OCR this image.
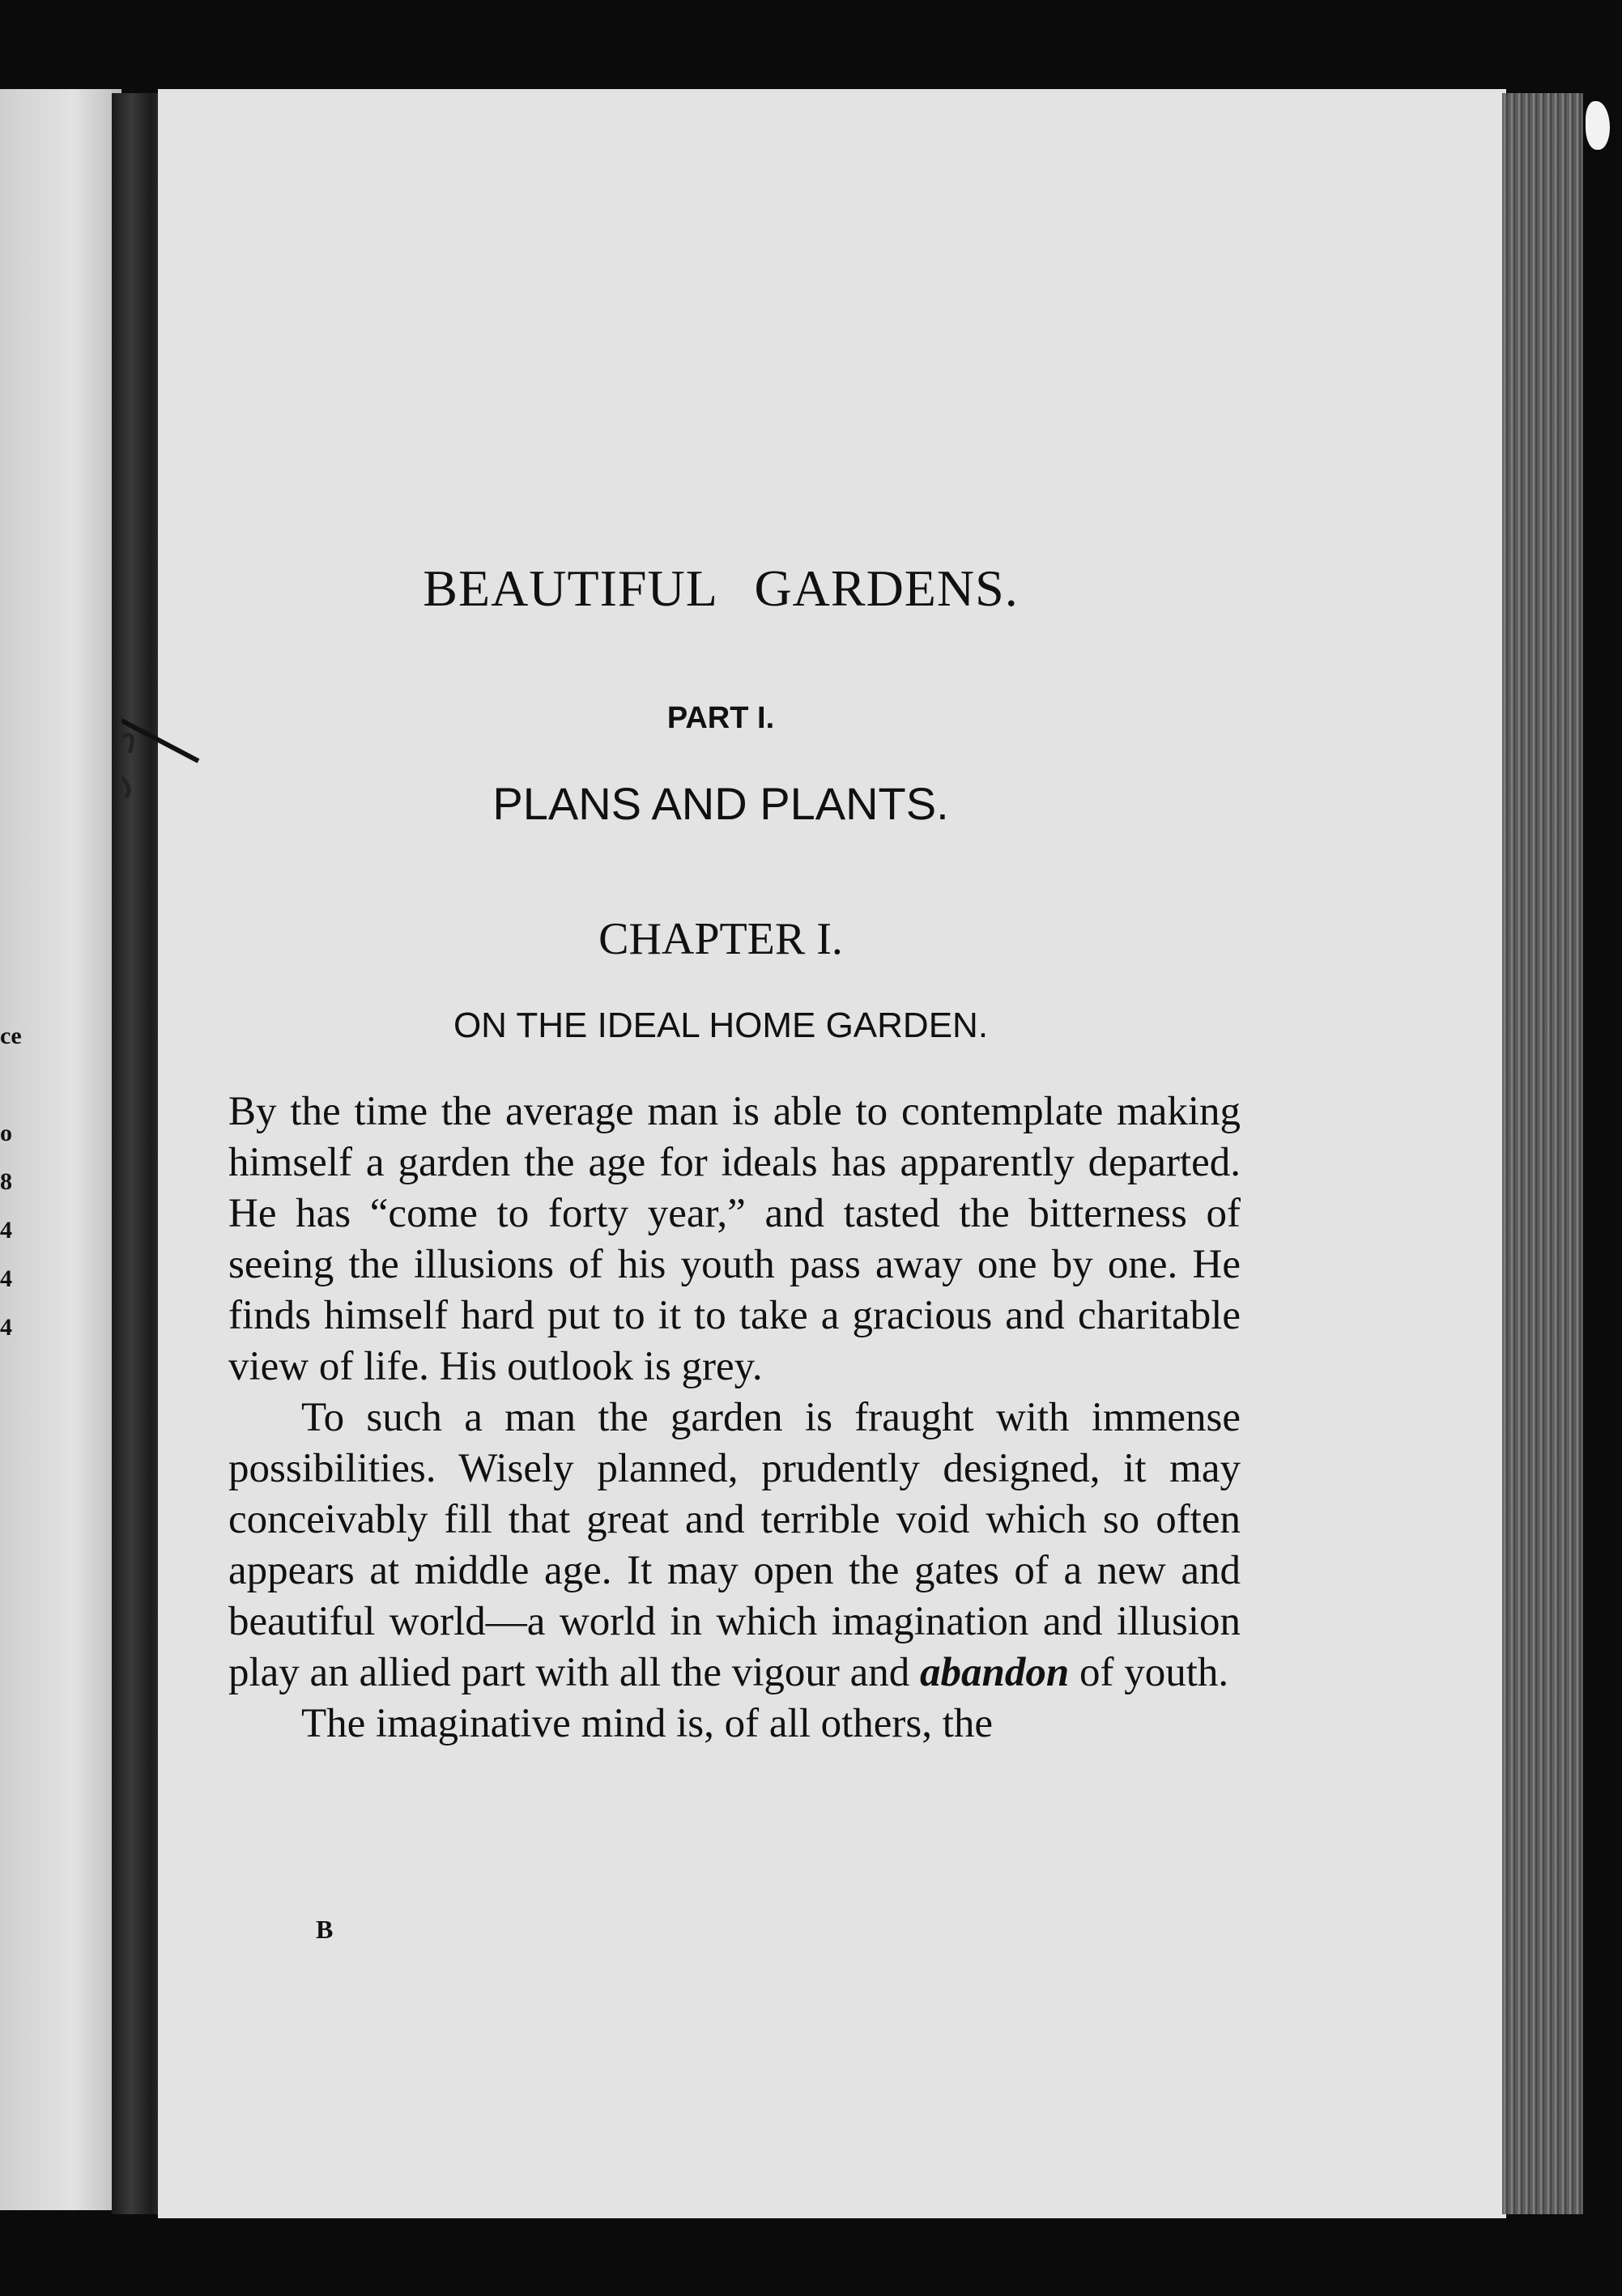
ce
o
8
4
4
4
BEAUTIFUL GARDENS.
PART I.
PLANS AND PLANTS.
CHAPTER I.
ON THE IDEAL HOME GARDEN.

By the time the average man is able to contemplate making himself a garden the age for ideals has apparently departed. He has “come to forty year,” and tasted the bitterness of seeing the illusions of his youth pass away one by one. He finds himself hard put to it to take a gracious and charitable view of life. His outlook is grey.

To such a man the garden is fraught with immense possibilities. Wisely planned, prudently designed, it may conceivably fill that great and terrible void which so often appears at middle age. It may open the gates of a new and beautiful world—a world in which imagination and illusion play an allied part with all the vigour and abandon of youth.

The imaginative mind is, of all others, the

B
